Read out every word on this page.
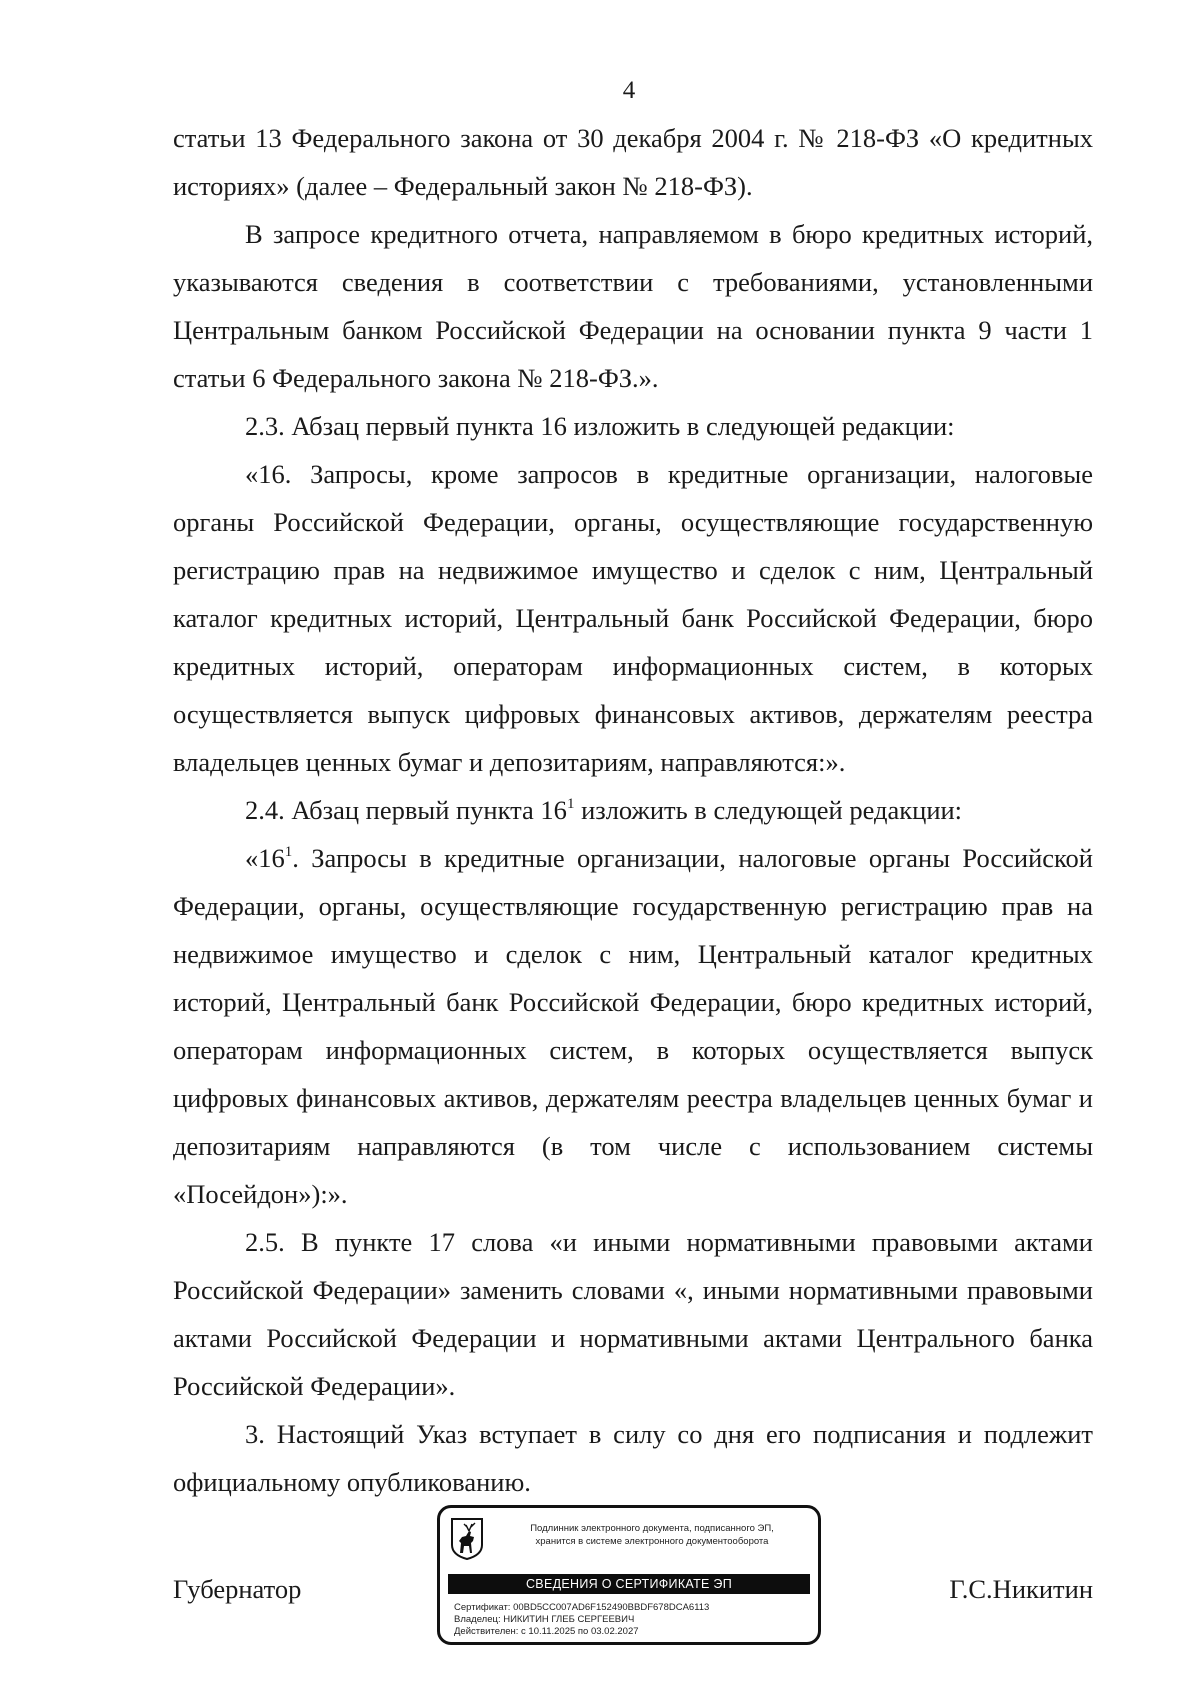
4

статьи 13 Федерального закона от 30 декабря 2004 г. № 218-ФЗ «О кредитных историях» (далее – Федеральный закон № 218-ФЗ).

В запросе кредитного отчета, направляемом в бюро кредитных историй, указываются сведения в соответствии с требованиями, установленными Центральным банком Российской Федерации на основании пункта 9 части 1 статьи 6 Федерального закона № 218-ФЗ.».

2.3. Абзац первый пункта 16 изложить в следующей редакции:

«16. Запросы, кроме запросов в кредитные организации, налоговые органы Российской Федерации, органы, осуществляющие государственную регистрацию прав на недвижимое имущество и сделок с ним, Центральный каталог кредитных историй, Центральный банк Российской Федерации, бюро кредитных историй, операторам информационных систем, в которых осуществляется выпуск цифровых финансовых активов, держателям реестра владельцев ценных бумаг и депозитариям, направляются:».

2.4. Абзац первый пункта $16^1$ изложить в следующей редакции:

«$16^1$. Запросы в кредитные организации, налоговые органы Российской Федерации, органы, осуществляющие государственную регистрацию прав на недвижимое имущество и сделок с ним, Центральный каталог кредитных историй, Центральный банк Российской Федерации, бюро кредитных историй, операторам информационных систем, в которых осуществляется выпуск цифровых финансовых активов, держателям реестра владельцев ценных бумаг и депозитариям направляются (в том числе с использованием системы «Посейдон»):».

2.5. В пункте 17 слова «и иными нормативными правовыми актами Российской Федерации» заменить словами «, иными нормативными правовыми актами Российской Федерации и нормативными актами Центрального банка Российской Федерации».

3. Настоящий Указ вступает в силу со дня его подписания и подлежит официальному опубликованию.

Губернатор	Г.С.Никитин
Подлинник электронного документа, подписанного ЭП,
хранится в системе электронного документооборота
СВЕДЕНИЯ О СЕРТИФИКАТЕ ЭП
Сертификат: 00BD5CC007AD6F152490BBDF678DCA6113
Владелец: НИКИТИН ГЛЕБ СЕРГЕЕВИЧ
Действителен: с 10.11.2025 по 03.02.2027
